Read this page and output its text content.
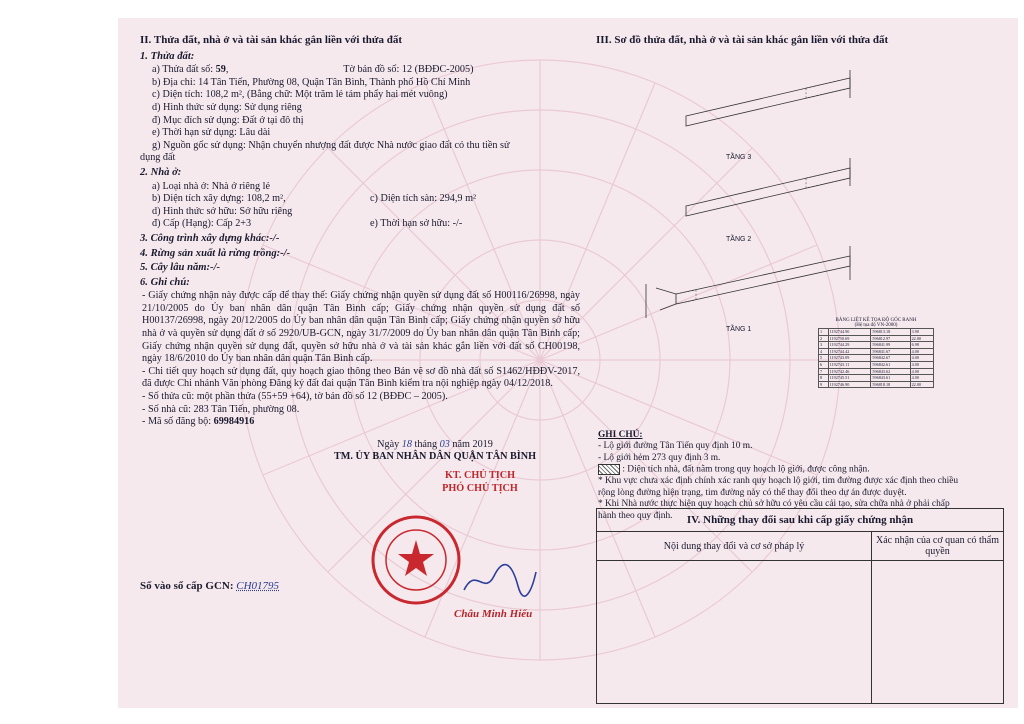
II. Thửa đất, nhà ở và tài sản khác gắn liền với thửa đất
1. Thửa đất:
a) Thửa đất số: 59,	Tờ bản đồ số: 12 (BĐĐC-2005)
b) Địa chỉ: 14 Tân Tiến, Phường 08, Quận Tân Bình, Thành phố Hồ Chí Minh
c) Diện tích: 108,2 m², (Bằng chữ: Một trăm lẻ tám phẩy hai mét vuông)
d) Hình thức sử dụng: Sử dụng riêng
đ) Mục đích sử dụng: Đất ở tại đô thị
e) Thời hạn sử dụng: Lâu dài
g) Nguồn gốc sử dụng: Nhận chuyển nhượng đất được Nhà nước giao đất có thu tiền sử
dụng đất
2. Nhà ở:
a) Loại nhà ở: Nhà ở riêng lẻ
b) Diện tích xây dựng: 108,2 m²,	c) Diện tích sàn: 294,9 m²
d) Hình thức sở hữu: Sở hữu riêng
đ) Cấp (Hạng): Cấp 2+3	e) Thời hạn sở hữu: -/-
3. Công trình xây dựng khác:-/-
4. Rừng sản xuất là rừng trồng:-/-
5. Cây lâu năm:-/-
6. Ghi chú:
- Giấy chứng nhận này được cấp để thay thế: Giấy chứng nhận quyền sử dụng đất số H00116/26998, ngày 21/10/2005 do Ủy ban nhân dân quận Tân Bình cấp; Giấy chứng nhận quyền sử dụng đất số H00137/26998, ngày 20/12/2005 do Ủy ban nhân dân quận Tân Bình cấp; Giấy chứng nhận quyền sở hữu nhà ở và quyền sử dụng đất ở số 2920/UB-GCN, ngày 31/7/2009 do Ủy ban nhân dân quận Tân Bình cấp; Giấy chứng nhận quyền sử dụng đất, quyền sở hữu nhà ở và tài sản khác gắn liền với đất số CH00198, ngày 18/6/2010 do Ủy ban nhân dân quận Tân Bình cấp.
- Chi tiết quy hoạch sử dụng đất, quy hoạch giao thông theo Bản vẽ sơ đồ nhà đất số S1462/HĐĐV-2017, đã được Chi nhánh Văn phòng Đăng ký đất đai quận Tân Bình kiểm tra nội nghiệp ngày 04/12/2018.
- Số thửa cũ: một phần thửa (55+59 +64), tờ bản đồ số 12 (BĐĐC – 2005).
- Số nhà cũ: 283 Tân Tiến, phường 08.
- Mã số đăng bộ: 69984916
Ngày 18 tháng 03 năm 2019
TM. ỦY BAN NHÂN DÂN QUẬN TÂN BÌNH
KT. CHỦ TỊCH
PHÓ CHỦ TỊCH
Châu Minh Hiếu
Số vào sổ cấp GCN: CH01795
III. Sơ đồ thửa đất, nhà ở và tài sản khác gắn liền với thửa đất
TẦNG 3
TẦNG 2
TẦNG 1
BẢNG LIỆT KÊ TỌA ĐỘ GÓC RANH
(Hệ tọa độ VN-2000)
1	1192744.90	596813.18	3.90
2	1192750.69	596812.97	22.00
3	1192744.29	596841.99	6.98
4	1192744.42	596841.67	4.00
5	1192743.09	596842.67	4.00
6	1192743.11	596842.61	4.00
7	1192742.46	596843.62	4.00
8	1192745.51	596843.61	4.00
9	1192746.90	596818.18	22.00
GHI CHÚ:
- Lộ giới đường Tân Tiến quy định 10 m.
- Lộ giới hẻm 273 quy định 3 m.
: Diện tích nhà, đất nằm trong quy hoạch lộ giới, được công nhận.
* Khu vực chưa xác định chính xác ranh quy hoạch lộ giới, tim đường được xác định theo chiều rộng lòng đường hiện trạng, tim đường này có thể thay đổi theo dự án được duyệt.
* Khi Nhà nước thực hiện quy hoạch chủ sở hữu có yêu cầu cải tạo, sửa chữa nhà ở phải chấp hành theo quy định.	IV. Những thay đổi sau khi cấp giấy chứng nhận	
Nội dung thay đổi và cơ sở pháp lý	Xác nhận của cơ quan có thẩm quyền
